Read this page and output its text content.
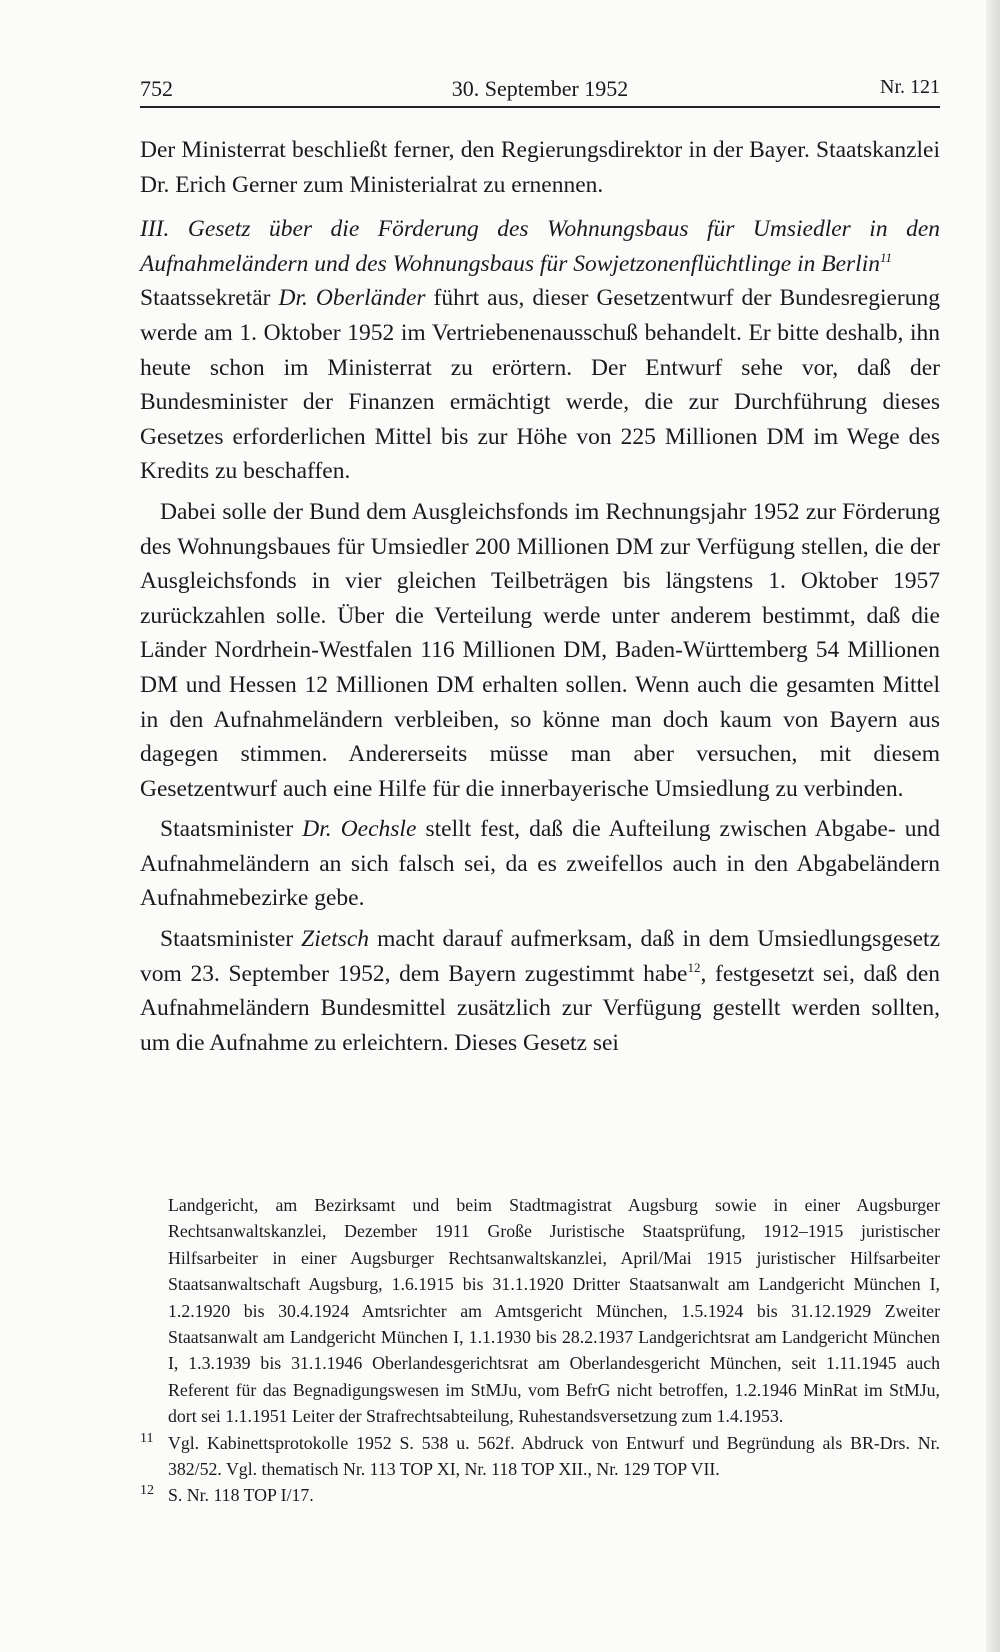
752	30. September 1952	Nr. 121

Der Ministerrat beschließt ferner, den Regierungsdirektor in der Bayer. Staatskanzlei Dr. Erich Gerner zum Ministerialrat zu ernennen.

III. Gesetz über die Förderung des Wohnungsbaus für Umsiedler in den Aufnahmeländern und des Wohnungsbaus für Sowjetzonenflüchtlinge in Berlin$^{11}$

Staatssekretär Dr. Oberländer führt aus, dieser Gesetzentwurf der Bundesregierung werde am 1. Oktober 1952 im Vertriebenenausschuß behandelt. Er bitte deshalb, ihn heute schon im Ministerrat zu erörtern. Der Entwurf sehe vor, daß der Bundesminister der Finanzen ermächtigt werde, die zur Durchführung dieses Gesetzes erforderlichen Mittel bis zur Höhe von 225 Millionen DM im Wege des Kredits zu beschaffen.

Dabei solle der Bund dem Ausgleichsfonds im Rechnungsjahr 1952 zur Förderung des Wohnungsbaues für Umsiedler 200 Millionen DM zur Verfügung stellen, die der Ausgleichsfonds in vier gleichen Teilbeträgen bis längstens 1. Oktober 1957 zurückzahlen solle. Über die Verteilung werde unter anderem bestimmt, daß die Länder Nordrhein-Westfalen 116 Millionen DM, Baden-Württemberg 54 Millionen DM und Hessen 12 Millionen DM erhalten sollen. Wenn auch die gesamten Mittel in den Aufnahmeländern verbleiben, so könne man doch kaum von Bayern aus dagegen stimmen. Andererseits müsse man aber versuchen, mit diesem Gesetzentwurf auch eine Hilfe für die innerbayerische Umsiedlung zu verbinden.

Staatsminister Dr. Oechsle stellt fest, daß die Aufteilung zwischen Abgabe- und Aufnahmeländern an sich falsch sei, da es zweifellos auch in den Abgabeländern Aufnahmebezirke gebe.

Staatsminister Zietsch macht darauf aufmerksam, daß in dem Umsiedlungsgesetz vom 23. September 1952, dem Bayern zugestimmt habe$^{12}$, festgesetzt sei, daß den Aufnahmeländern Bundesmittel zusätzlich zur Verfügung gestellt werden sollten, um die Aufnahme zu erleichtern. Dieses Gesetz sei

Landgericht, am Bezirksamt und beim Stadtmagistrat Augsburg sowie in einer Augsburger Rechtsanwaltskanzlei, Dezember 1911 Große Juristische Staatsprüfung, 1912–1915 juristischer Hilfsarbeiter in einer Augsburger Rechtsanwaltskanzlei, April/Mai 1915 juristischer Hilfsarbeiter Staatsanwaltschaft Augsburg, 1.6.1915 bis 31.1.1920 Dritter Staatsanwalt am Landgericht München I, 1.2.1920 bis 30.4.1924 Amtsrichter am Amtsgericht München, 1.5.1924 bis 31.12.1929 Zweiter Staatsanwalt am Landgericht München I, 1.1.1930 bis 28.2.1937 Landgerichtsrat am Landgericht München I, 1.3.1939 bis 31.1.1946 Oberlandesgerichtsrat am Oberlandesgericht München, seit 1.11.1945 auch Referent für das Begnadigungswesen im StMJu, vom BefrG nicht betroffen, 1.2.1946 MinRat im StMJu, dort sei 1.1.1951 Leiter der Strafrechtsabteilung, Ruhestandsversetzung zum 1.4.1953.

11 Vgl. Kabinettsprotokolle 1952 S. 538 u. 562f. Abdruck von Entwurf und Begründung als BR-Drs. Nr. 382/52. Vgl. thematisch Nr. 113 TOP XI, Nr. 118 TOP XII., Nr. 129 TOP VII.

12 S. Nr. 118 TOP I/17.
